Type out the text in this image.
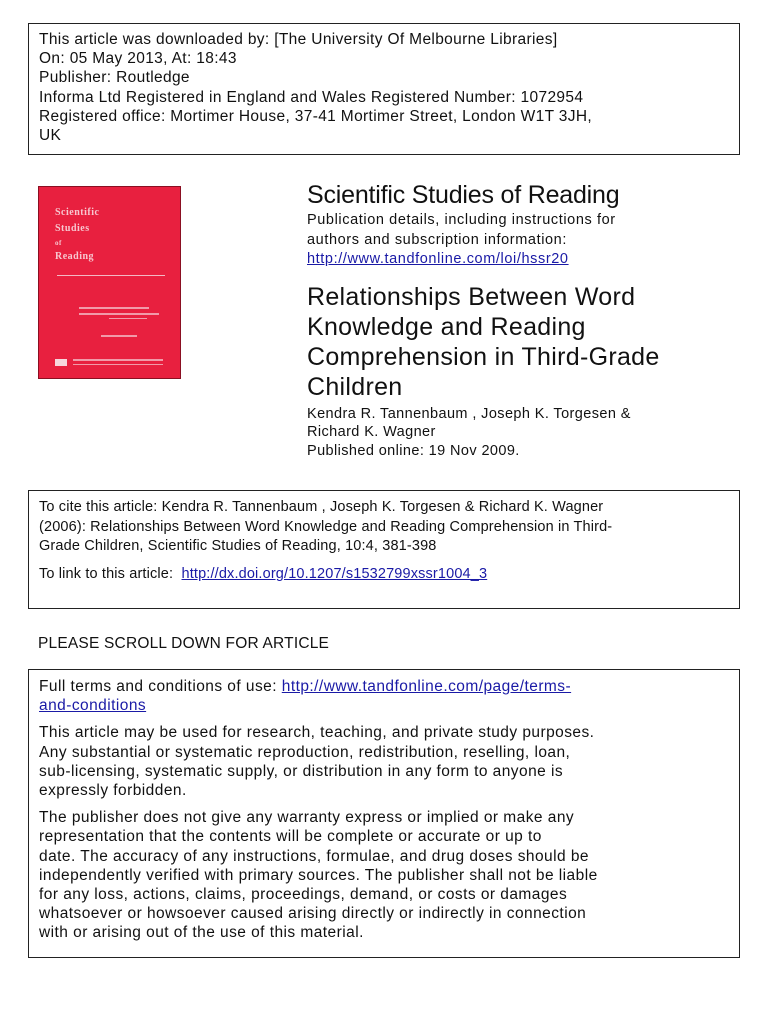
This article was downloaded by: [The University Of Melbourne Libraries]
On: 05 May 2013, At: 18:43
Publisher: Routledge
Informa Ltd Registered in England and Wales Registered Number: 1072954
Registered office: Mortimer House, 37-41 Mortimer Street, London W1T 3JH,
UK
Scientific
Studies
of
Reading
Scientific Studies of Reading
Publication details, including instructions for
authors and subscription information:
http://www.tandfonline.com/loi/hssr20
Relationships Between Word
Knowledge and Reading
Comprehension in Third-Grade
Children
Kendra R. Tannenbaum , Joseph K. Torgesen &
Richard K. Wagner
Published online: 19 Nov 2009.
To cite this article: Kendra R. Tannenbaum , Joseph K. Torgesen & Richard K. Wagner
(2006): Relationships Between Word Knowledge and Reading Comprehension in Third-
Grade Children, Scientific Studies of Reading, 10:4, 381-398
To link to this article: http://dx.doi.org/10.1207/s1532799xssr1004_3
PLEASE SCROLL DOWN FOR ARTICLE

Full terms and conditions of use: http://www.tandfonline.com/page/terms-
and-conditions

This article may be used for research, teaching, and private study purposes.
Any substantial or systematic reproduction, redistribution, reselling, loan,
sub-licensing, systematic supply, or distribution in any form to anyone is
expressly forbidden.

The publisher does not give any warranty express or implied or make any
representation that the contents will be complete or accurate or up to
date. The accuracy of any instructions, formulae, and drug doses should be
independently verified with primary sources. The publisher shall not be liable
for any loss, actions, claims, proceedings, demand, or costs or damages
whatsoever or howsoever caused arising directly or indirectly in connection
with or arising out of the use of this material.
